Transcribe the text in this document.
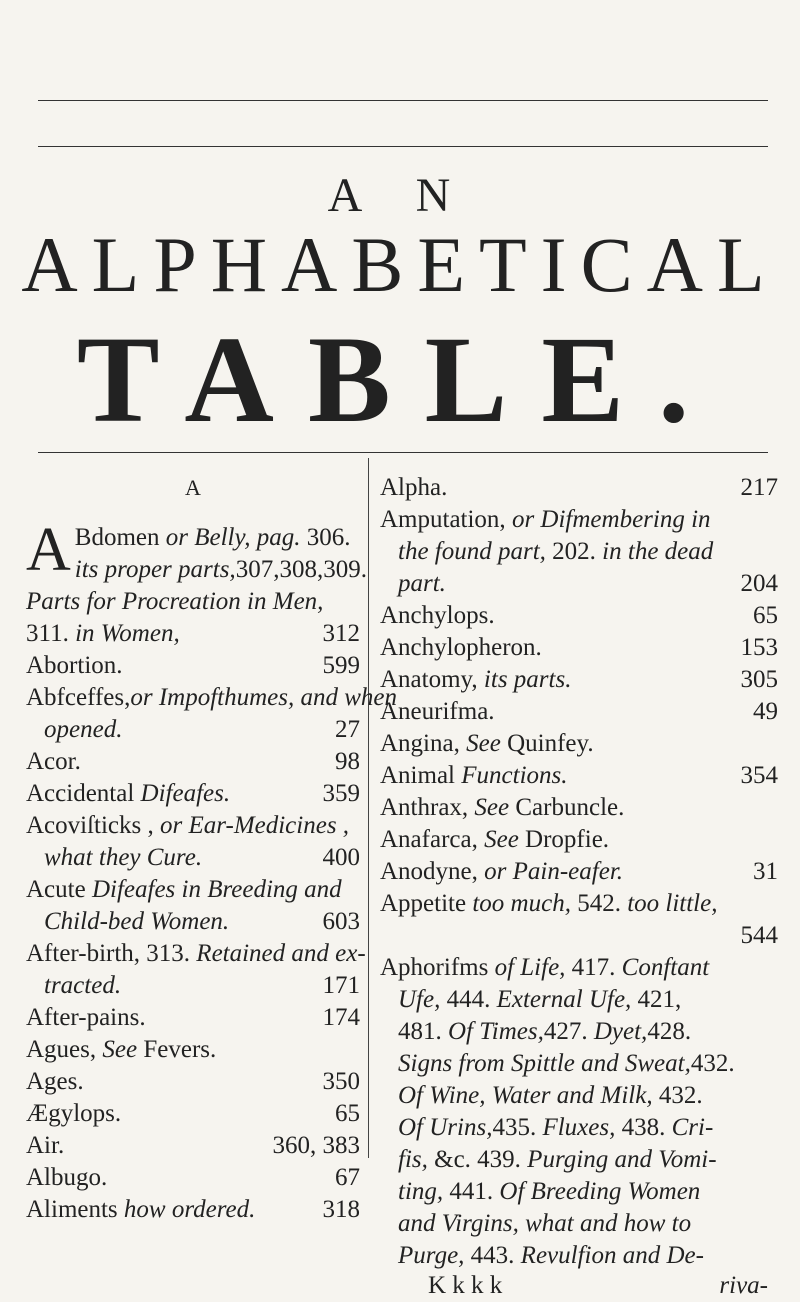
A N
ALPHABETICAL
TABLE.
A
A Bdomen or Belly, pag. 306.
its proper parts,307,308,309.
Parts for Procreation in Men,
311. in Women,	312
Abortion.	599
Abfceffes,or Impofthumes, and when
opened.	27
Acor.	98
Accidental Difeafes.	359
Acoviſticks , or Ear-Medicines ,
what they Cure.	400
Acute Difeafes in Breeding and
Child-bed Women.	603
After-birth, 313. Retained and ex-
tracted.	171
After-pains.	174
Agues, See Fevers.
Ages.	350
Ægylops.	65
Air.	360, 383
Albugo.	67
Aliments how ordered.	318
Alpha.	217
Amputation, or Difmembering in
the found part, 202. in the dead
part.	204
Anchylops.	65
Anchylopheron.	153
Anatomy, its parts.	305
Aneurifma.	49
Angina, See Quinfey.
Animal Functions.	354
Anthrax, See Carbuncle.
Anafarca, See Dropfie.
Anodyne, or Pain-eafer.	31
Appetite too much, 542. too little,

544
Aphorifms of Life, 417. Conftant
Ufe, 444. External Ufe, 421,
481. Of Times,427. Dyet,428.
Signs from Spittle and Sweat,432.
Of Wine, Water and Milk, 432.
Of Urins,435. Fluxes, 438. Cri-
fis, &c. 439. Purging and Vomi-
ting, 441. Of Breeding Women
and Virgins, what and how to
Purge, 443. Revulfion and De-
K k k k	riva-
